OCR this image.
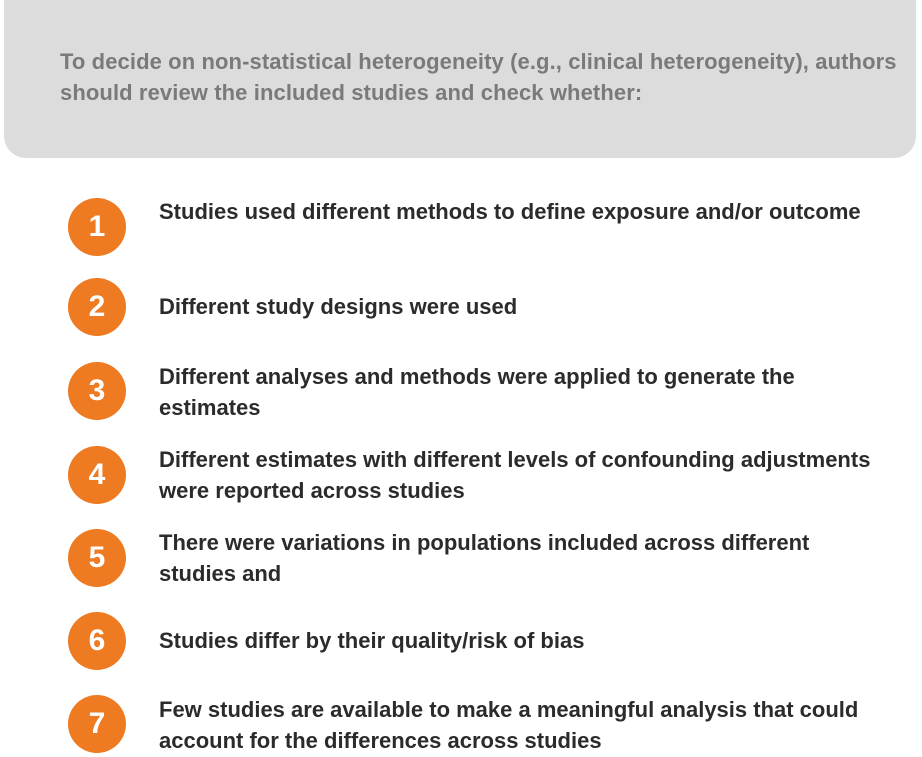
To decide on non-statistical heterogeneity (e.g., clinical heterogeneity), authors should review the included studies and check whether:

1	Studies used different methods to define exposure and/or outcome
2	Different study designs were used
3	Different analyses and methods were applied to generate the estimates
4	Different estimates with different levels of confounding adjustments were reported across studies
5	There were variations in populations included across different studies and
6	Studies differ by their quality/risk of bias
7	Few studies are available to make a meaningful analysis that could account for the differences across studies
